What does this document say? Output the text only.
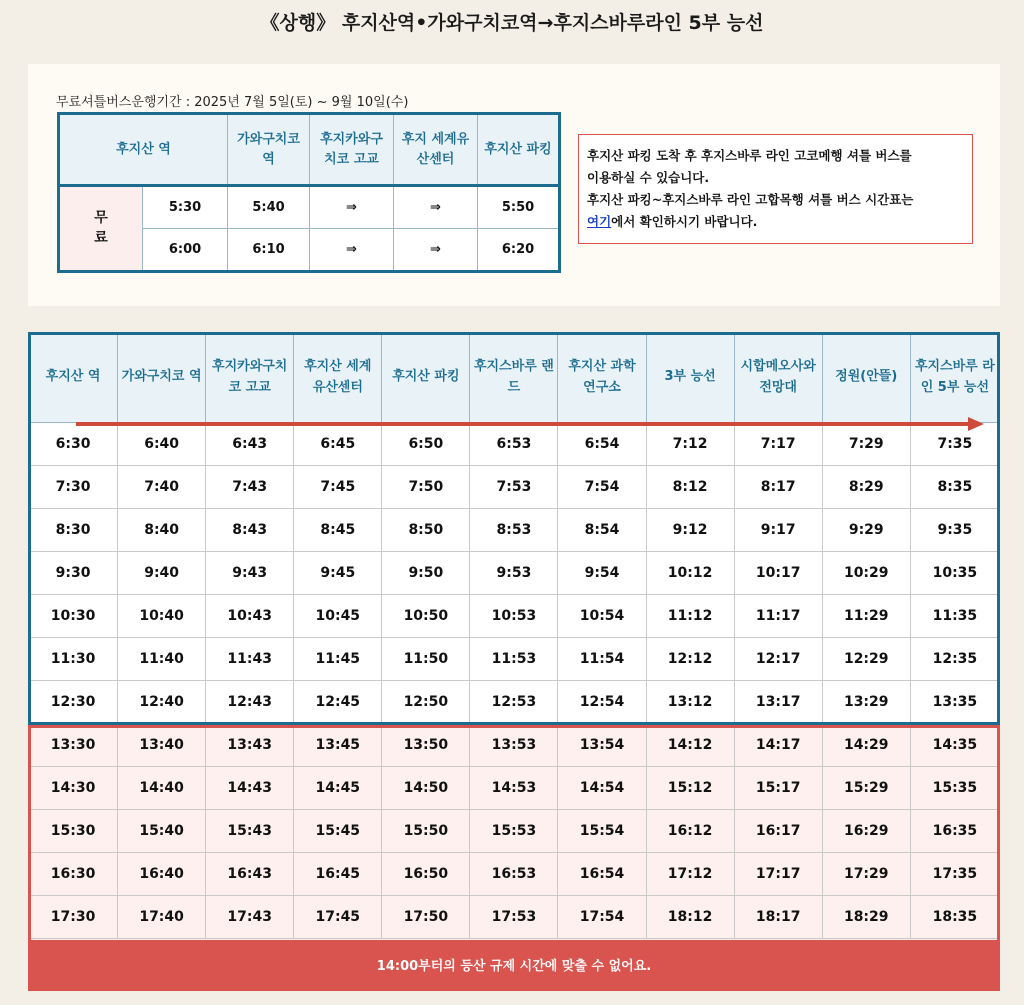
《상행》 후지산역•가와구치코역→후지스바루라인 5부 능선
무료셔틀버스운행기간 : 2025년 7월 5일(토) ~ 9월 10일(수)
후지산 역		가와구치코 역	후지카와구치코 고교	후지 세계유산센터	후지산 파킹
무료	5:30	5:40	⇒	⇒	5:50
	6:00	6:10	⇒	⇒	6:20
후지산 파킹 도착 후 후지스바루 라인 고코메행 셔틀 버스를
이용하실 수 있습니다.
후지산 파킹~후지스바루 라인 고합목행 셔틀 버스 시간표는
여기에서 확인하시기 바랍니다.
후지산 역	가와구치코 역	후지카와구치코 고교	후지산 세계 유산센터	후지산 파킹	후지스바루 랜드	후지산 과학 연구소	3부 능선	시합메오사와 전망대	정원(안뜰)	후지스바루 라인 5부 능선
6:30	6:40	6:43	6:45	6:50	6:53	6:54	7:12	7:17	7:29	7:35
7:30	7:40	7:43	7:45	7:50	7:53	7:54	8:12	8:17	8:29	8:35
8:30	8:40	8:43	8:45	8:50	8:53	8:54	9:12	9:17	9:29	9:35
9:30	9:40	9:43	9:45	9:50	9:53	9:54	10:12	10:17	10:29	10:35
10:30	10:40	10:43	10:45	10:50	10:53	10:54	11:12	11:17	11:29	11:35
11:30	11:40	11:43	11:45	11:50	11:53	11:54	12:12	12:17	12:29	12:35
12:30	12:40	12:43	12:45	12:50	12:53	12:54	13:12	13:17	13:29	13:35
13:30	13:40	13:43	13:45	13:50	13:53	13:54	14:12	14:17	14:29	14:35
14:30	14:40	14:43	14:45	14:50	14:53	14:54	15:12	15:17	15:29	15:35
15:30	15:40	15:43	15:45	15:50	15:53	15:54	16:12	16:17	16:29	16:35
16:30	16:40	16:43	16:45	16:50	16:53	16:54	17:12	17:17	17:29	17:35
17:30	17:40	17:43	17:45	17:50	17:53	17:54	18:12	18:17	18:29	18:35
14:00부터의 등산 규제 시간에 맞출 수 없어요.
